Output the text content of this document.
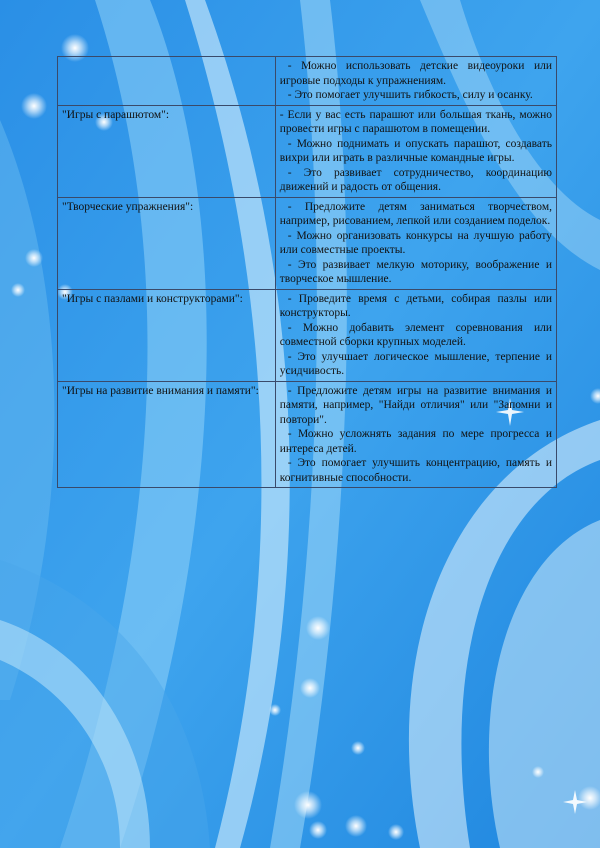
	- Можно использовать детские видеоуроки или игровые подходы к упражнениям.

- Это помогает улучшить гибкость, силу и осанку.

"Игры с парашютом":	- Если у вас есть парашют или большая ткань, можно провести игры с парашютом в помещении.

- Можно поднимать и опускать парашют, создавать вихри или играть в различные командные игры.

- Это развивает сотрудничество, координацию движений и радость от общения.

"Творческие упражнения":	- Предложите детям заниматься творчеством, например, рисованием, лепкой или созданием поделок.

- Можно организовать конкурсы на лучшую работу или совместные проекты.

- Это развивает мелкую моторику, воображение и творческое мышление.

"Игры с пазлами и конструкторами":	- Проведите время с детьми, собирая пазлы или конструкторы.

- Можно добавить элемент соревнования или совместной сборки крупных моделей.

- Это улучшает логическое мышление, терпение и усидчивость.

"Игры на развитие внимания и памяти":	- Предложите детям игры на развитие внимания и памяти, например, "Найди отличия" или "Запомни и повтори".

- Можно усложнять задания по мере прогресса и интереса детей.

- Это помогает улучшить концентрацию, память и когнитивные способности.
